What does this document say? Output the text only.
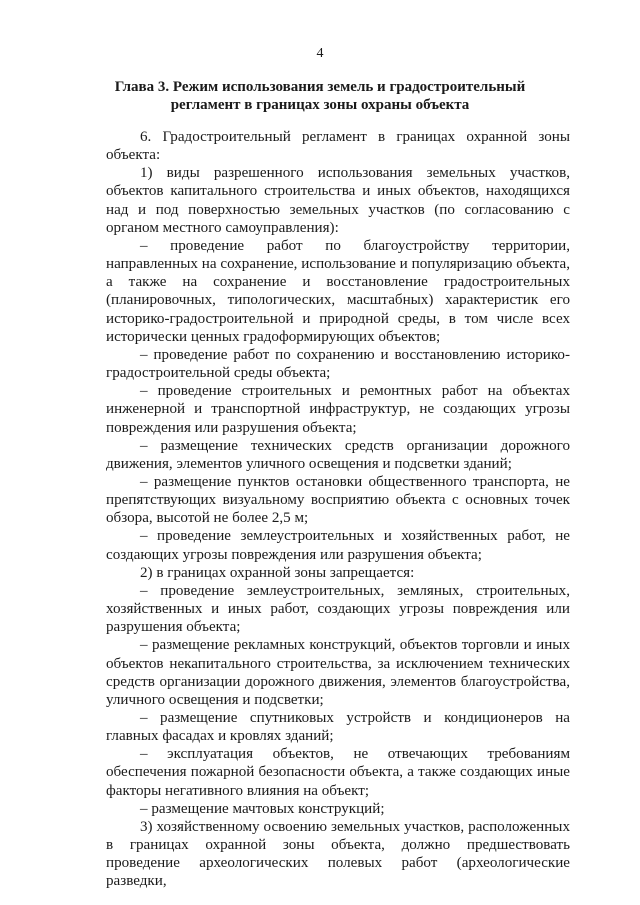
4
Глава 3. Режим использования земель и градостроительный
регламент в границах зоны охраны объекта

6. Градостроительный регламент в границах охранной зоны объекта:

1) виды разрешенного использования земельных участков, объектов капитального строительства и иных объектов, находящихся над и под поверхностью земельных участков (по согласованию с органом местного самоуправления):

– проведение работ по благоустройству территории, направленных на сохранение, использование и популяризацию объекта, а также на сохранение и восстановление градостроительных (планировочных, типологических, масштабных) характеристик его историко-градостроительной и природной среды, в том числе всех исторически ценных градоформирующих объектов;

– проведение работ по сохранению и восстановлению историко-градостроительной среды объекта;

– проведение строительных и ремонтных работ на объектах инженерной и транспортной инфраструктур, не создающих угрозы повреждения или разрушения объекта;

– размещение технических средств организации дорожного движения, элементов уличного освещения и подсветки зданий;

– размещение пунктов остановки общественного транспорта, не препятствующих визуальному восприятию объекта с основных точек обзора, высотой не более 2,5 м;

– проведение землеустроительных и хозяйственных работ, не создающих угрозы повреждения или разрушения объекта;

2) в границах охранной зоны запрещается:

– проведение землеустроительных, земляных, строительных, хозяйственных и иных работ, создающих угрозы повреждения или разрушения объекта;

– размещение рекламных конструкций, объектов торговли и иных объектов некапитального строительства, за исключением технических средств организации дорожного движения, элементов благоустройства, уличного освещения и подсветки;

– размещение спутниковых устройств и кондиционеров на главных фасадах и кровлях зданий;

– эксплуатация объектов, не отвечающих требованиям обеспечения пожарной безопасности объекта, а также создающих иные факторы негативного влияния на объект;

– размещение мачтовых конструкций;

3) хозяйственному освоению земельных участков, расположенных в границах охранной зоны объекта, должно предшествовать проведение археологических полевых работ (археологические разведки,
